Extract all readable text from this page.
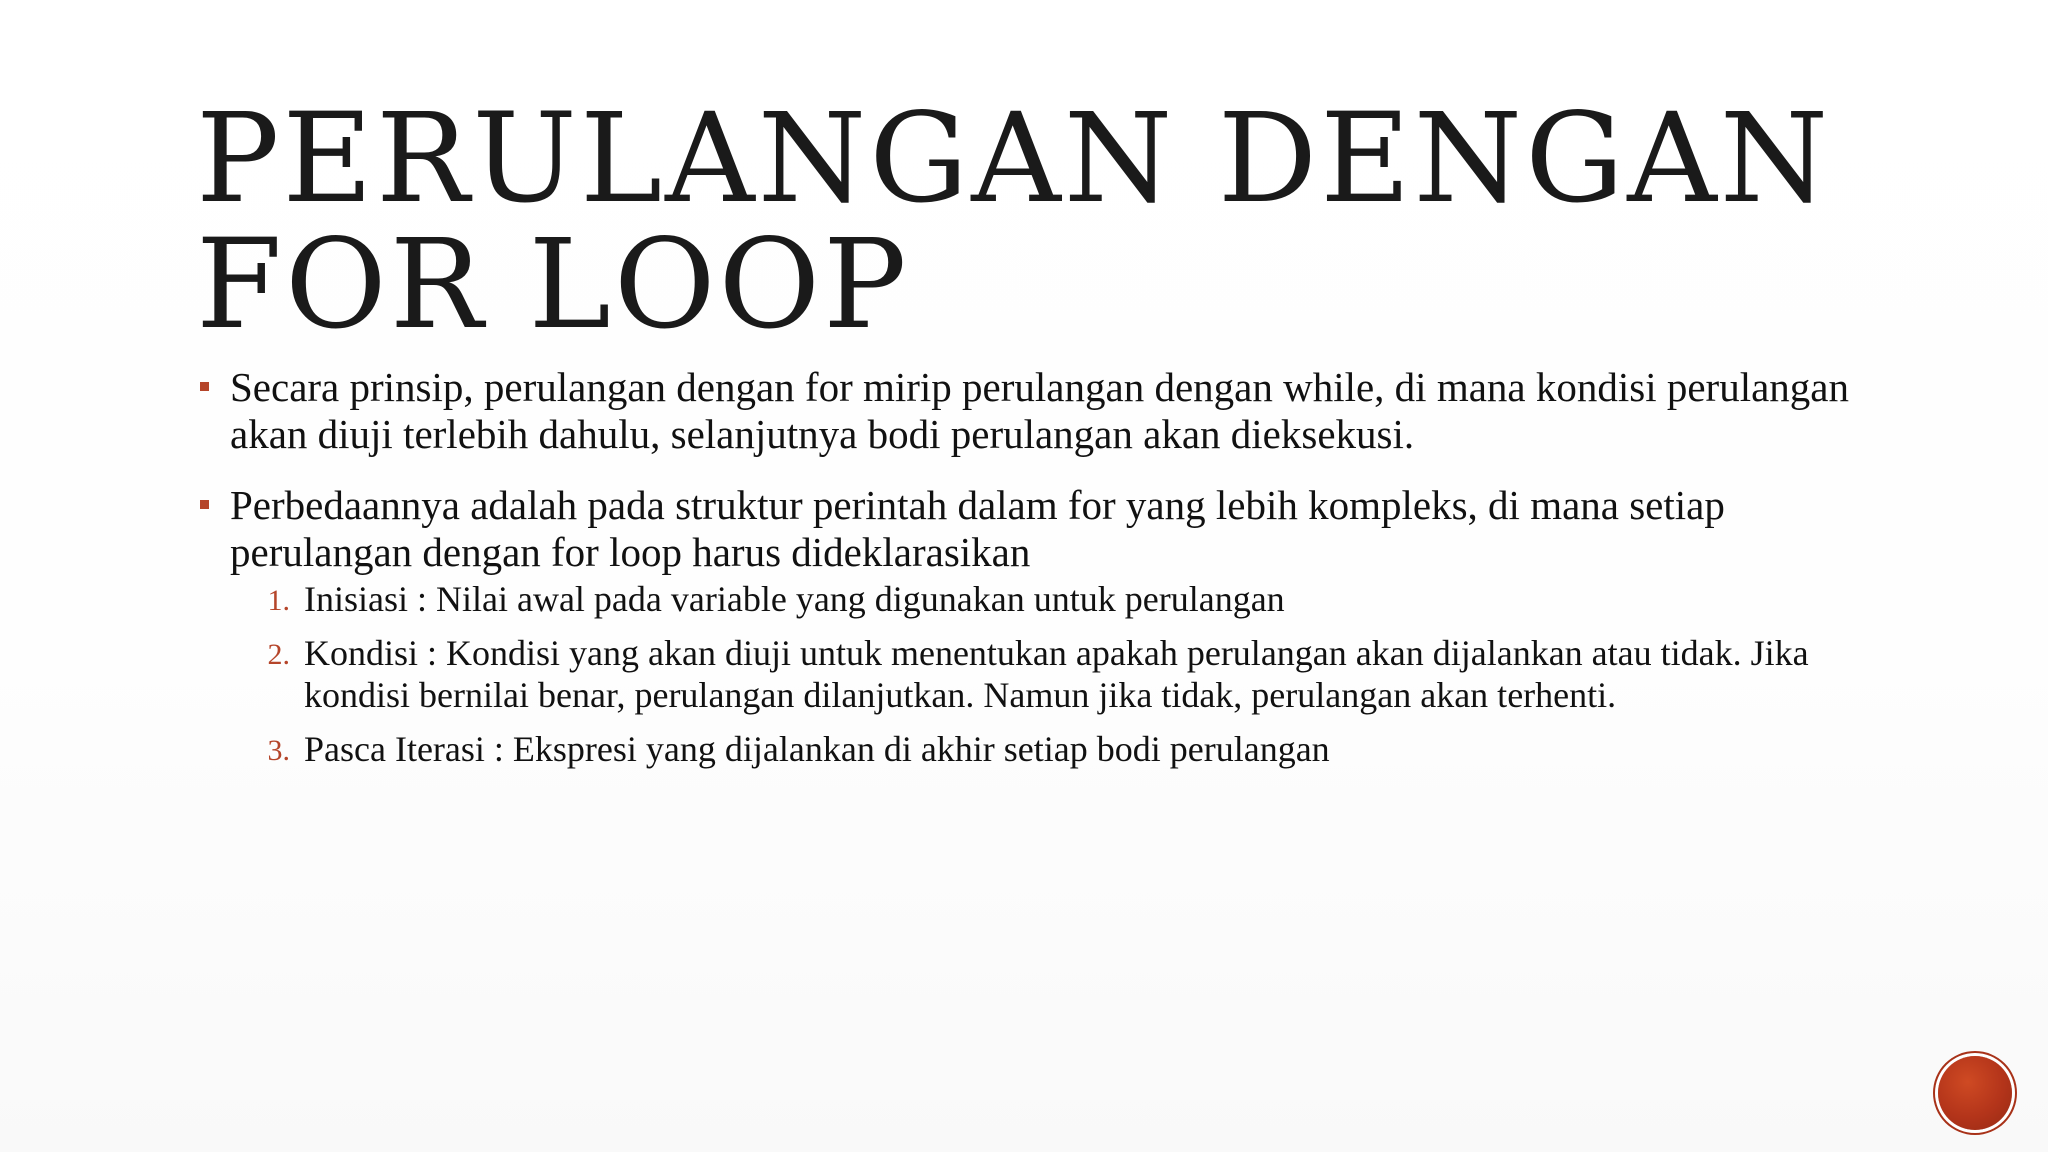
PERULANGAN DENGAN
FOR LOOP
Secara prinsip, perulangan dengan for mirip perulangan dengan while, di mana kondisi perulangan akan diuji terlebih dahulu, selanjutnya bodi perulangan akan dieksekusi.
Perbedaannya adalah pada struktur perintah dalam for yang lebih kompleks, di mana setiap perulangan dengan for loop harus dideklarasikan
1. Inisiasi : Nilai awal pada variable yang digunakan untuk perulangan
2. Kondisi : Kondisi yang akan diuji untuk menentukan apakah perulangan akan dijalankan atau tidak. Jika kondisi bernilai benar, perulangan dilanjutkan. Namun jika tidak, perulangan akan terhenti.
3. Pasca Iterasi : Ekspresi yang dijalankan di akhir setiap bodi perulangan
